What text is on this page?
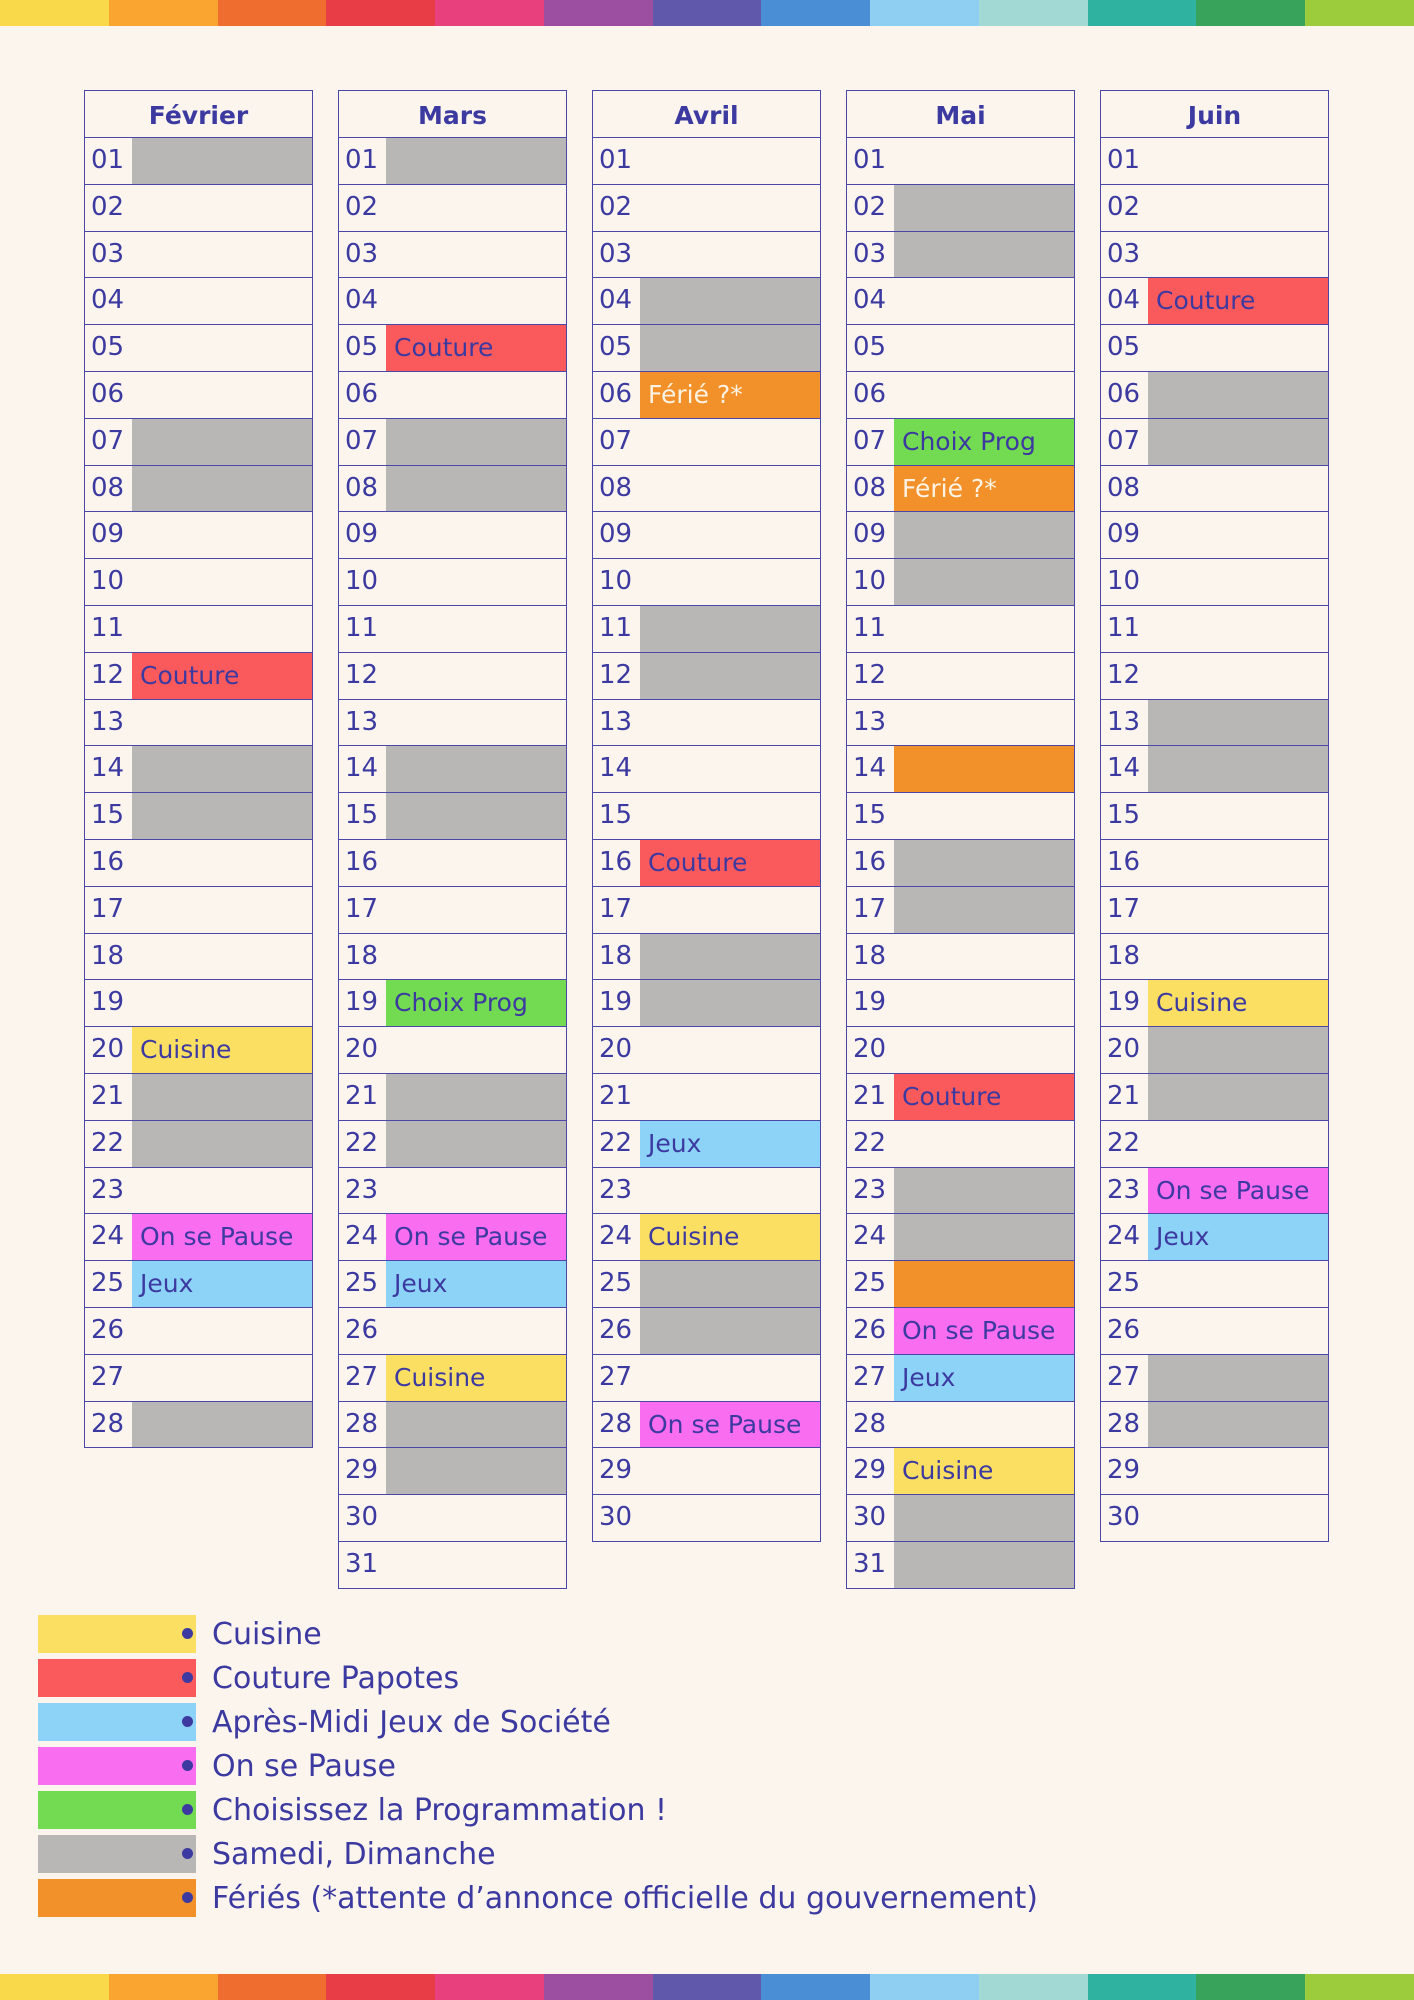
Février
01
02
03
04
05
06
07
08
09
10
11
12 Couture
13
14
15
16
17
18
19
20 Cuisine
21
22
23
24 On se Pause
25 Jeux
26
27
28
Mars
01
02
03
04
05 Couture
06
07
08
09
10
11
12
13
14
15
16
17
18
19 Choix Prog
20
21
22
23
24 On se Pause
25 Jeux
26
27 Cuisine
28
29
30
31
Avril
01
02
03
04
05
06 Férié ?*
07
08
09
10
11
12
13
14
15
16 Couture
17
18
19
20
21
22 Jeux
23
24 Cuisine
25
26
27
28 On se Pause
29
30
Mai
01
02
03
04
05
06
07 Choix Prog
08 Férié ?*
09
10
11
12
13
14
15
16
17
18
19
20
21 Couture
22
23
24
25
26 On se Pause
27 Jeux
28
29 Cuisine
30
31
Juin
01
02
03
04 Couture
05
06
07
08
09
10
11
12
13
14
15
16
17
18
19 Cuisine
20
21
22
23 On se Pause
24 Jeux
25
26
27
28
29
30
Cuisine
Couture Papotes
Après-Midi Jeux de Société
On se Pause
Choisissez la Programmation !
Samedi, Dimanche
Fériés (*attente d’annonce officielle du gouvernement)
